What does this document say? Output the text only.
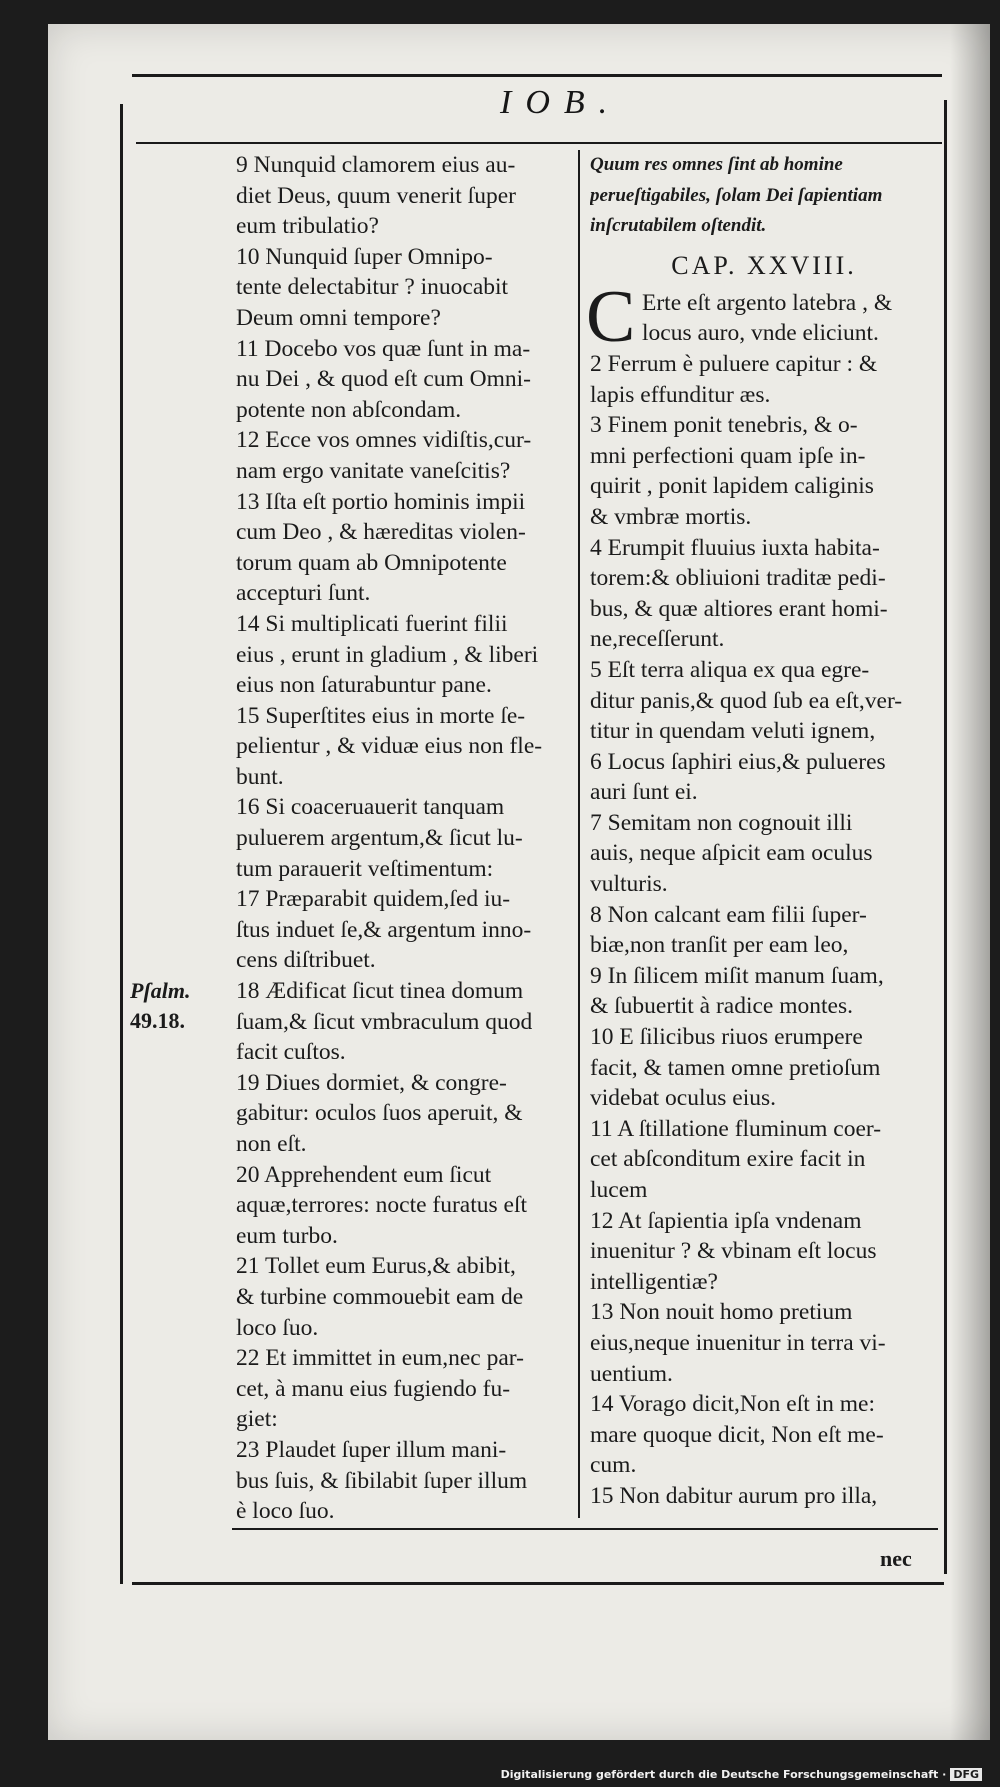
IOB.
Pſalm.
49.18.
9 Nunquid clamorem eius au-
diet Deus, quum venerit ſuper
eum tribulatio?
10 Nunquid ſuper Omnipo-
tente delectabitur ? inuocabit
Deum omni tempore?
11 Docebo vos quæ ſunt in ma-
nu Dei , & quod eſt cum Omni-
potente non abſcondam.
12 Ecce vos omnes vidiſtis,cur-
nam ergo vanitate vaneſcitis?
13 Iſta eſt portio hominis impii
cum Deo , & hæreditas violen-
torum quam ab Omnipotente
accepturi ſunt.
14 Si multiplicati fuerint filii
eius , erunt in gladium , & liberi
eius non ſaturabuntur pane.
15 Superſtites eius in morte ſe-
pelientur , & viduæ eius non fle-
bunt.
16 Si coaceruauerit tanquam
puluerem argentum,& ſicut lu-
tum parauerit veſtimentum:
17 Præparabit quidem,ſed iu-
ſtus induet ſe,& argentum inno-
cens diſtribuet.
18 Ædificat ſicut tinea domum
ſuam,& ſicut vmbraculum quod
facit cuſtos.
19 Diues dormiet, & congre-
gabitur: oculos ſuos aperuit, &
non eſt.
20 Apprehendent eum ſicut
aquæ,terrores: nocte furatus eſt
eum turbo.
21 Tollet eum Eurus,& abibit,
& turbine commouebit eam de
loco ſuo.
22 Et immittet in eum,nec par-
cet, à manu eius fugiendo fu-
giet:
23 Plaudet ſuper illum mani-
bus ſuis, & ſibilabit ſuper illum
è loco ſuo.
Quum res omnes ſint ab homine
perueſtigabiles, ſolam Dei ſapientiam
inſcrutabilem oſtendit.
CAP. XXVIII.
C Erte eſt argento latebra , &
locus auro, vnde eliciunt.
2 Ferrum è puluere capitur : &
lapis effunditur æs.
3 Finem ponit tenebris, & o-
mni perfectioni quam ipſe in-
quirit , ponit lapidem caliginis
& vmbræ mortis.
4 Erumpit fluuius iuxta habita-
torem:& obliuioni traditæ pedi-
bus, & quæ altiores erant homi-
ne,receſſerunt.
5 Eſt terra aliqua ex qua egre-
ditur panis,& quod ſub ea eſt,ver-
titur in quendam veluti ignem,
6 Locus ſaphiri eius,& pulueres
auri ſunt ei.
7 Semitam non cognouit illi
auis, neque aſpicit eam oculus
vulturis.
8 Non calcant eam filii ſuper-
biæ,non tranſit per eam leo,
9 In ſilicem miſit manum ſuam,
& ſubuertit à radice montes.
10 E ſilicibus riuos erumpere
facit, & tamen omne pretioſum
videbat oculus eius.
11 A ſtillatione fluminum coer-
cet abſconditum exire facit in
lucem
12 At ſapientia ipſa vndenam
inuenitur ? & vbinam eſt locus
intelligentiæ?
13 Non nouit homo pretium
eius,neque inuenitur in terra vi-
uentium.
14 Vorago dicit,Non eſt in me:
mare quoque dicit, Non eſt me-
cum.
15 Non dabitur aurum pro illa,
nec
Digitalisierung gefördert durch die Deutsche Forschungsgemeinschaft · DFG
